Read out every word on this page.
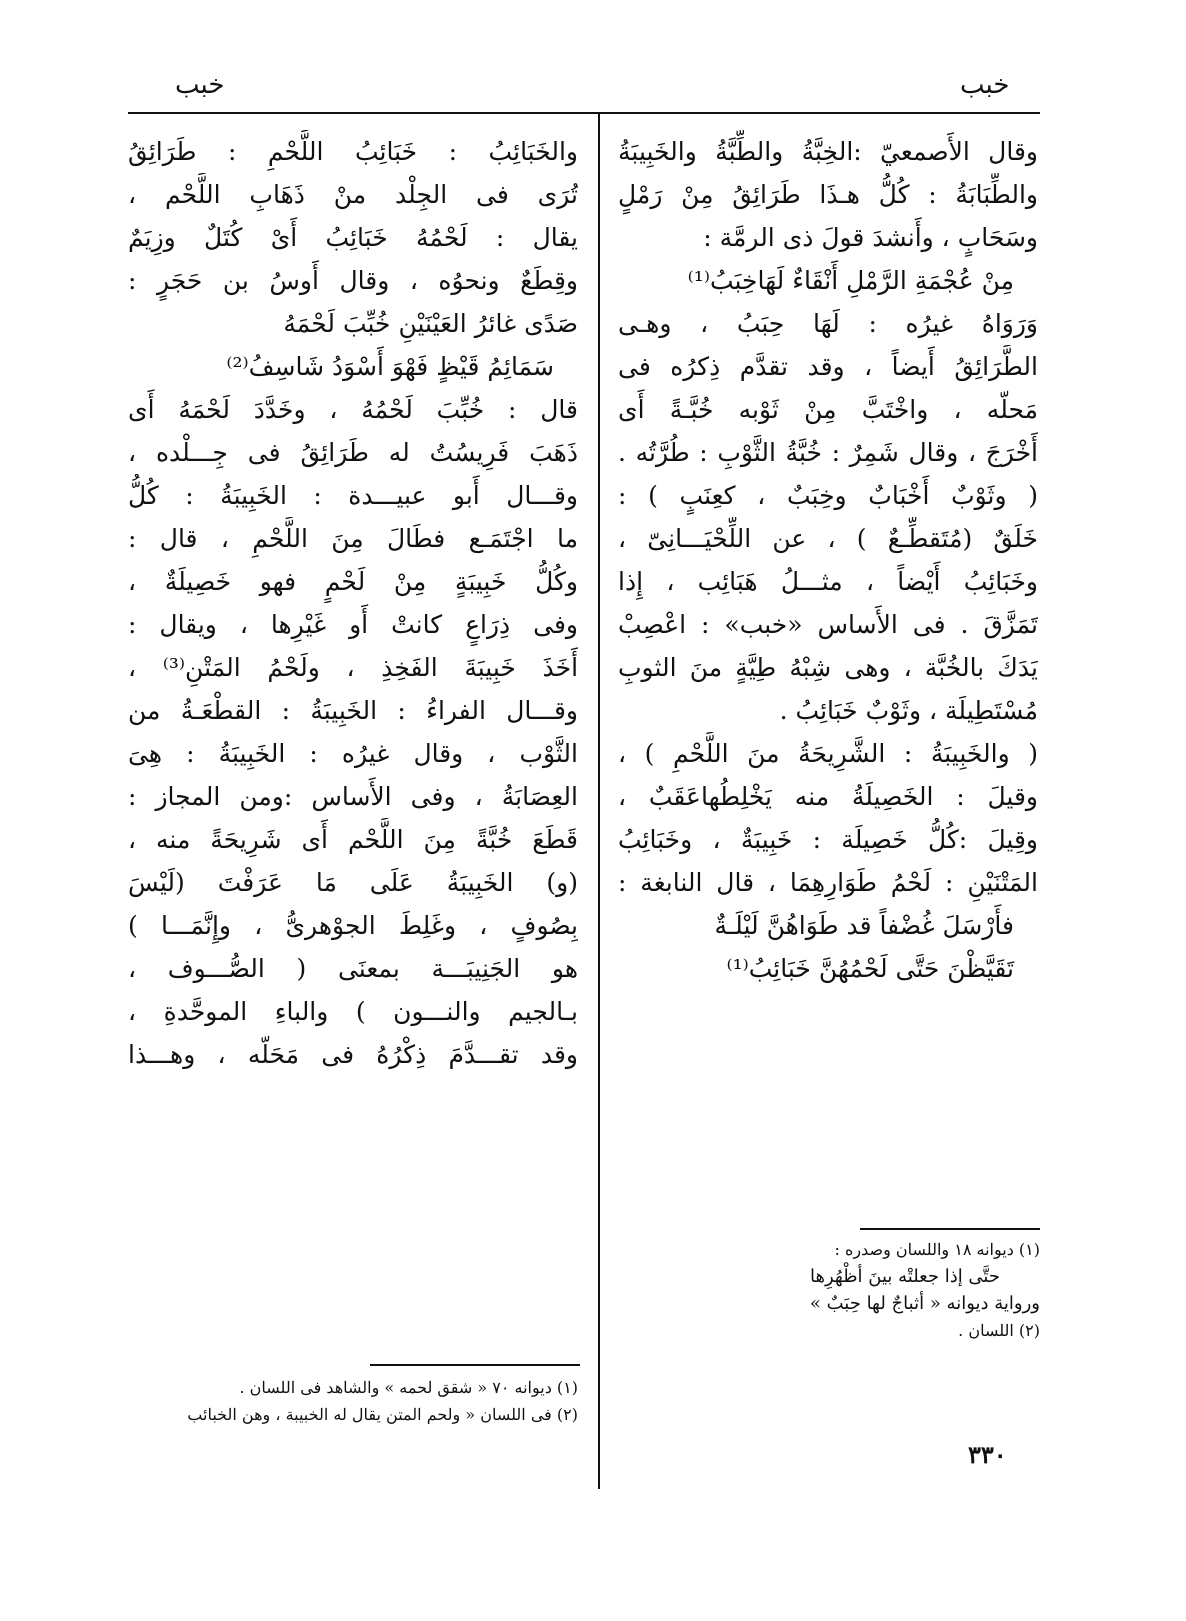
خبب
خبب
وقال الأَصمعيّ :الخِبَّةُ والطِّبَّةُ والخَبِيبَةُ
والطِّبَابَةُ : كُلُّ هـذَا طَرَائِقُ مِنْ رَمْلٍ
وسَحَابٍ ، وأَنشدَ قولَ ذى الرمَّة :
مِنْ عُجْمَةِ الرَّمْلِ أَنْقَاءٌ لَهَاخِبَبُ⁽¹⁾
وَرَوَاهُ غيرُه : لَهَا حِبَبُ ، وهـى
الطَّرَائِقُ أَيضاً ، وقد تقدَّم ذِكرُه فى
مَحلّه ، واخْتَبَّ مِنْ ثَوْبه خُبَّـةً أَى
أَخْرَجَ ، وقال شَمِرٌ : خُبَّةُ الثَّوْبِ : طُرَّتُه .
( وثَوْبٌ أَخْبَابٌ وخِبَبٌ ، كعِنَبٍ ) :
خَلَقٌ (مُتَقطِّـعٌ ) ، عن اللِّحْيَـــانِىّ ،
وخَبَائِبُ أَيْضاً ، مثـــلُ هَبَائِب ، إِذا
تَمَزَّقَ . فى الأَساس «خبب» : اعْصِبْ
يَدَكَ بالخُبَّة ، وهى شِبْهُ طِيَّةٍ منَ الثوبِ
مُسْتَطِيلَة ، وثَوْبٌ خَبَائِبُ .
( والخَبِيبَةُ : الشَّرِيحَةُ منَ اللَّحْمِ ) ،
وقيلَ : الخَصِيلَةُ منه يَخْلِطُهاعَقَبٌ ،
وقِيلَ :كُلُّ خَصِيلَة : خَبِيبَةٌ ، وخَبَائِبُ
المَتْنَيْنِ : لَحْمُ طَوَارِهِمَا ، قال النابغة :
فأَرْسَلَ غُضْفاً قد طَوَاهُنَّ لَيْلَـةٌ
تَقَيَّظْنَ حَتَّى لَحْمُهُنَّ خَبَائِبُ⁽¹⁾
والخَبَائِبُ : خَبَائِبُ اللَّحْمِ : طَرَائِقُ
تُرَى فى الجِلْد منْ ذَهَابِ اللَّحْم ،
يقال : لَحْمُهُ خَبَائِبُ أَىْ كُتَلٌ وزِيَمٌ
وقِطَعٌ ونحوُه ، وقال أَوسُ بن حَجَرٍ :
صَدًى غائرُ العَيْنَيْنِ خُبِّبَ لَحْمَهُ
سَمَائِمُ قَيْظٍ فَهْوَ أَسْوَدُ شَاسِفُ⁽²⁾
قال : خُبِّبَ لَحْمُهُ ، وخَدَّدَ لَحْمَهُ أَى
ذَهَبَ فَرِيسُتُ له طَرَائِقُ فى جِـــلْده ،
وقـــال أَبو عبيـــدة : الخَبِيبَةُ : كُلُّ
ما اجْتَمَـع فطَالَ مِنَ اللَّحْمِ ، قال :
وكُلُّ خَبِيبَةٍ مِنْ لَحْمٍ فهو خَصِيلَةٌ ،
وفى ذِرَاعٍ كانتْ أَو غَيْرِها ، ويقال :
أَخَذَ خَبِيبَةَ الفَخِذِ ، ولَحْمُ المَتْنِ⁽³⁾ ،
وقـــال الفراءُ : الخَبِيبَةُ : القطْعَـةُ من
الثَّوْب ، وقال غيرُه : الخَبِيبَةُ : هِىَ
العِصَابَةُ ، وفى الأَساس :ومن المجاز :
قَطَعَ خُبَّةً مِنَ اللَّحْم أَى شَرِيحَةً منه ،
(و) الخَبِيبَةُ عَلَى مَا عَرَفْتَ (لَيْسَ
بِصُوفٍ ، وغَلِطَ الجوْهرىُّ ، وإِنَّمَـــا )
هو الجَنِيبَـــة بمعنَى ( الصُّـــوف ،
بـالجيم والنـــون ) والباءِ الموحَّدةِ ،
وقد تقـــدَّمَ ذِكْرُهُ فى مَحَلّه ، وهـــذا
(١) ديوانه ١٨ واللسان وصدره :
حتَّى إذا جعلتْه بينَ أظْهُرِها
ورواية ديوانه « أثباجٌ لها حِبَبٌ »
(٢) اللسان .
(١) ديوانه ٧٠ « شقق لحمه » والشاهد فى اللسان .
(٢) فى اللسان « ولحم المتن يقال له الخبيبة ، وهن الخبائب
٣٣٠
